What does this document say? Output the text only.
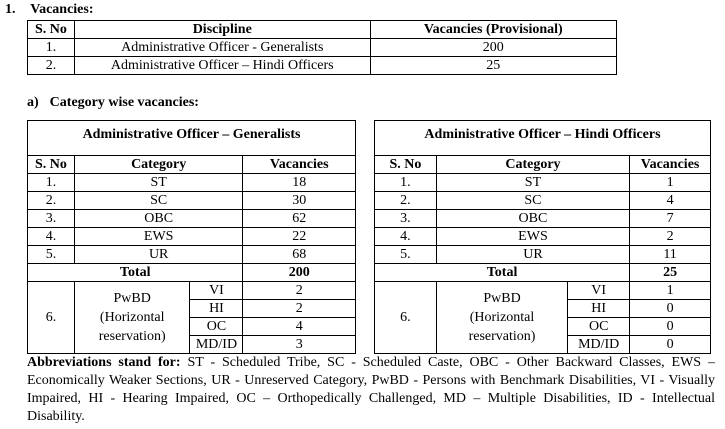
1. Vacancies:
S. No	Discipline	Vacancies (Provisional)
1.	Administrative Officer - Generalists	200
2.	Administrative Officer – Hindi Officers	25
a) Category wise vacancies:
Administrative Officer – Generalists			

S. No	Category		Vacancies
1.	ST		18
2.	SC		30
3.	OBC		62
4.	EWS		22
5.	UR		68
Total			200
6.	PwBD
(Horizontal
reservation)	VI	2
		HI	2
		OC	4
		MD/ID	3
Administrative Officer – Hindi Officers			

S. No	Category		Vacancies
1.	ST		1
2.	SC		4
3.	OBC		7
4.	EWS		2
5.	UR		11
Total			25
6.	PwBD
(Horizontal
reservation)	VI	1
		HI	0
		OC	0
		MD/ID	0
Abbreviations stand for: ST - Scheduled Tribe, SC - Scheduled Caste, OBC - Other Backward Classes, EWS – Economically Weaker Sections, UR - Unreserved Category, PwBD - Persons with Benchmark Disabilities, VI - Visually Impaired, HI - Hearing Impaired, OC – Orthopedically Challenged, MD – Multiple Disabilities, ID - Intellectual Disability.
